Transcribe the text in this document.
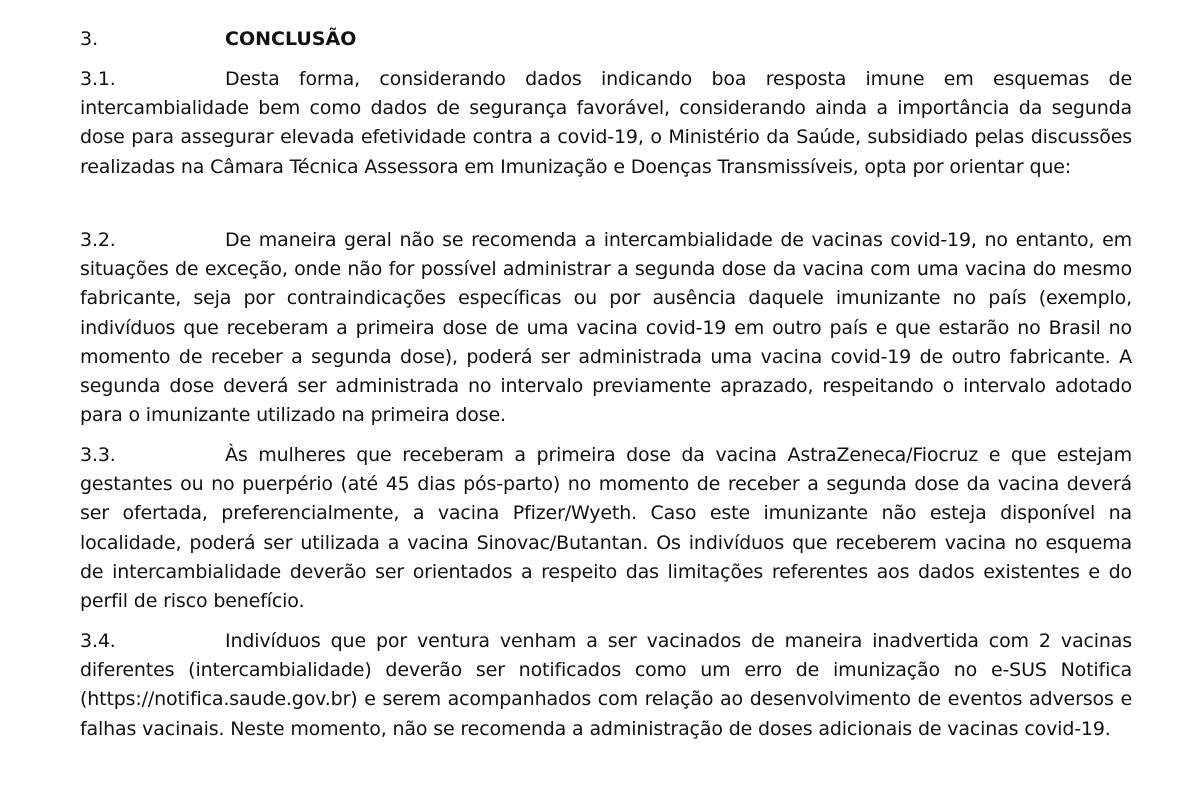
3.	CONCLUSÃO

3.1.	Desta forma, considerando dados indicando boa resposta imune em esquemas de intercambialidade bem como dados de segurança favorável, considerando ainda a importância da segunda dose para assegurar elevada efetividade contra a covid-19, o Ministério da Saúde, subsidiado pelas discussões realizadas na Câmara Técnica Assessora em Imunização e Doenças Transmissíveis, opta por orientar que:

3.2.	De maneira geral não se recomenda a intercambialidade de vacinas covid-19, no entanto, em situações de exceção, onde não for possível administrar a segunda dose da vacina com uma vacina do mesmo fabricante, seja por contraindicações específicas ou por ausência daquele imunizante no país (exemplo, indivíduos que receberam a primeira dose de uma vacina covid-19 em outro país e que estarão no Brasil no momento de receber a segunda dose), poderá ser administrada uma vacina covid-19 de outro fabricante. A segunda dose deverá ser administrada no intervalo previamente aprazado, respeitando o intervalo adotado para o imunizante utilizado na primeira dose.

3.3.	Às mulheres que receberam a primeira dose da vacina AstraZeneca/Fiocruz e que estejam gestantes ou no puerpério (até 45 dias pós-parto) no momento de receber a segunda dose da vacina deverá ser ofertada, preferencialmente, a vacina Pfizer/Wyeth. Caso este imunizante não esteja disponível na localidade, poderá ser utilizada a vacina Sinovac/Butantan. Os indivíduos que receberem vacina no esquema de intercambialidade deverão ser orientados a respeito das limitações referentes aos dados existentes e do perfil de risco benefício.

3.4.	Indivíduos que por ventura venham a ser vacinados de maneira inadvertida com 2 vacinas diferentes (intercambialidade) deverão ser notificados como um erro de imunização no e-SUS Notifica (https://notifica.saude.gov.br) e serem acompanhados com relação ao desenvolvimento de eventos adversos e falhas vacinais. Neste momento, não se recomenda a administração de doses adicionais de vacinas covid-19.
